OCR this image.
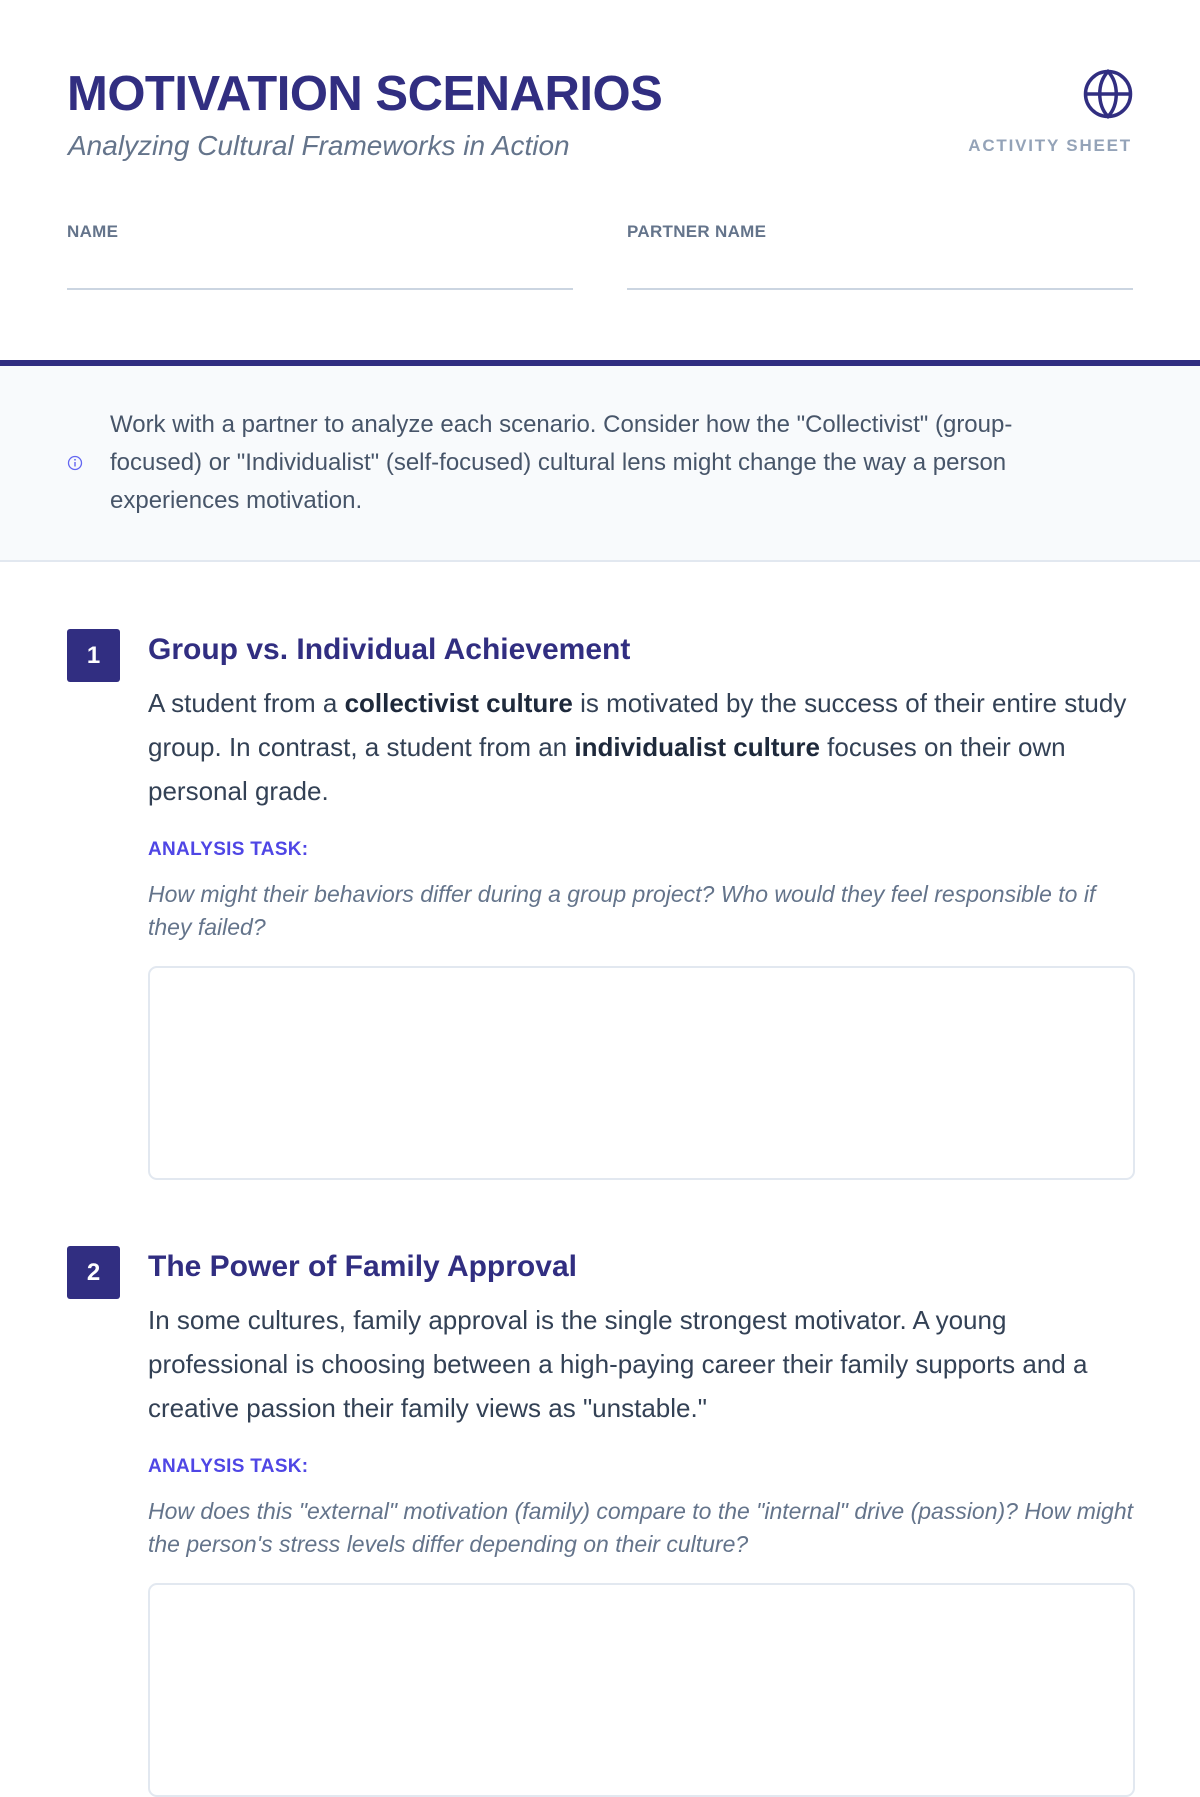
MOTIVATION SCENARIOS
Analyzing Cultural Frameworks in Action	ACTIVITY SHEET
NAME	PARTNER NAME
Work with a partner to analyze each scenario. Consider how the "Collectivist" (group-focused) or "Individualist" (self-focused) cultural lens might change the way a person experiences motivation.
1	Group vs. Individual Achievement
A student from a collectivist culture is motivated by the success of their entire study group. In contrast, a student from an individualist culture focuses on their own personal grade.
ANALYSIS TASK:
How might their behaviors differ during a group project? Who would they feel responsible to if they failed?
2	The Power of Family Approval
In some cultures, family approval is the single strongest motivator. A young professional is choosing between a high-paying career their family supports and a creative passion their family views as "unstable."
ANALYSIS TASK:
How does this "external" motivation (family) compare to the "internal" drive (passion)? How might the person's stress levels differ depending on their culture?
